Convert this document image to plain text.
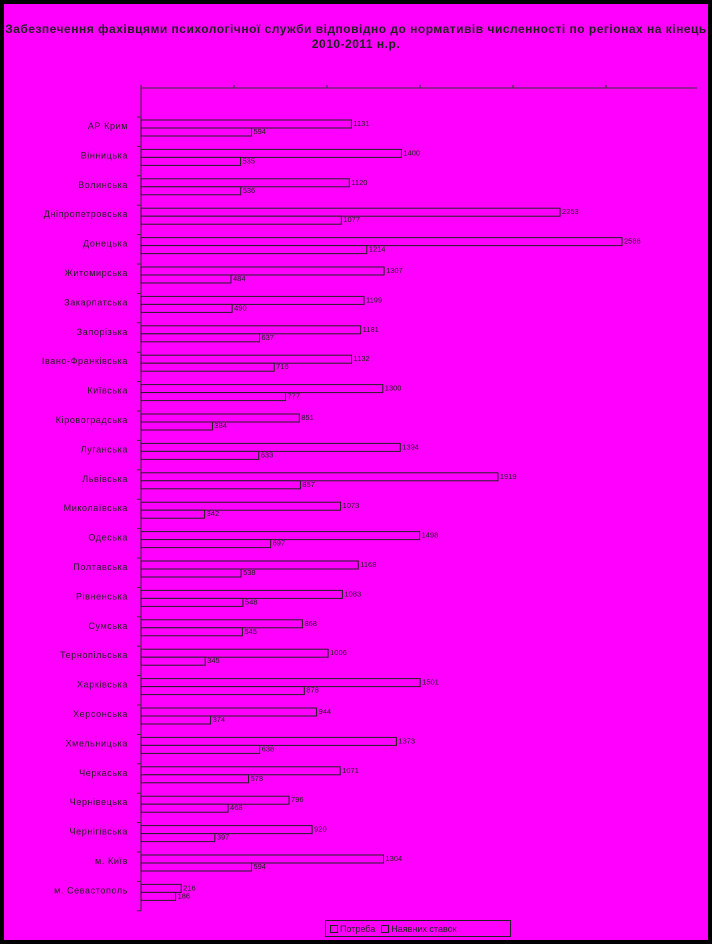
Забезпечення фахівцями психологічної служби відповідно до нормативів численності по регіонах на кінець 2010-2011 н.р.
АР Крим	1131
594
Вінницька	1400
535
Волинська	1120
536
Дніпропетровська	2253
1077
Донецька	2586
1214
Житомирська	1307
484
Закарпатська	1199
490
Запорізька	1181
637
Івано-Франківська	1132
716
Київська	1300
777
Кіровоградська	851
384
Луганська	1394
633
Львівська	1919
857
Миколаївська	1073
342
Одеська	1498
697
Полтавська	1168
538
Рівненська	1083
548
Сумська	868
545
Тернопільська	1006
345
Харківська	1501
878
Херсонська	944
374
Хмельницька	1373
638
Черкаська	1071
578
Чернівецька	796
468
Чернігівська	920
397
м. Київ	1304
594
м. Севастополь	216
186
Потреба Наявних ставок
